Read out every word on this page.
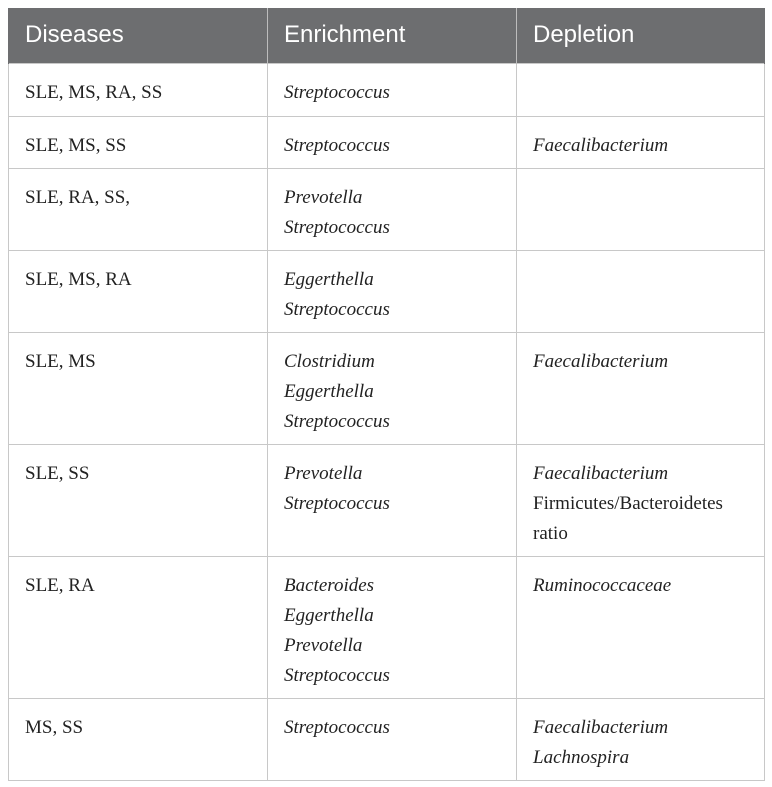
Diseases	Enrichment	Depletion
SLE, MS, RA, SS	Streptococcus	

SLE, MS, SS	Streptococcus	Faecalibacterium

SLE, RA, SS,	Prevotella
Streptococcus	

SLE, MS, RA	Eggerthella
Streptococcus	

SLE, MS	Clostridium
Eggerthella
Streptococcus	Faecalibacterium

SLE, SS	Prevotella
Streptococcus	Faecalibacterium
Firmicutes/Bacteroidetes
ratio

SLE, RA	Bacteroides
Eggerthella
Prevotella
Streptococcus	Ruminococcaceae

MS, SS	Streptococcus	Faecalibacterium
Lachnospira
